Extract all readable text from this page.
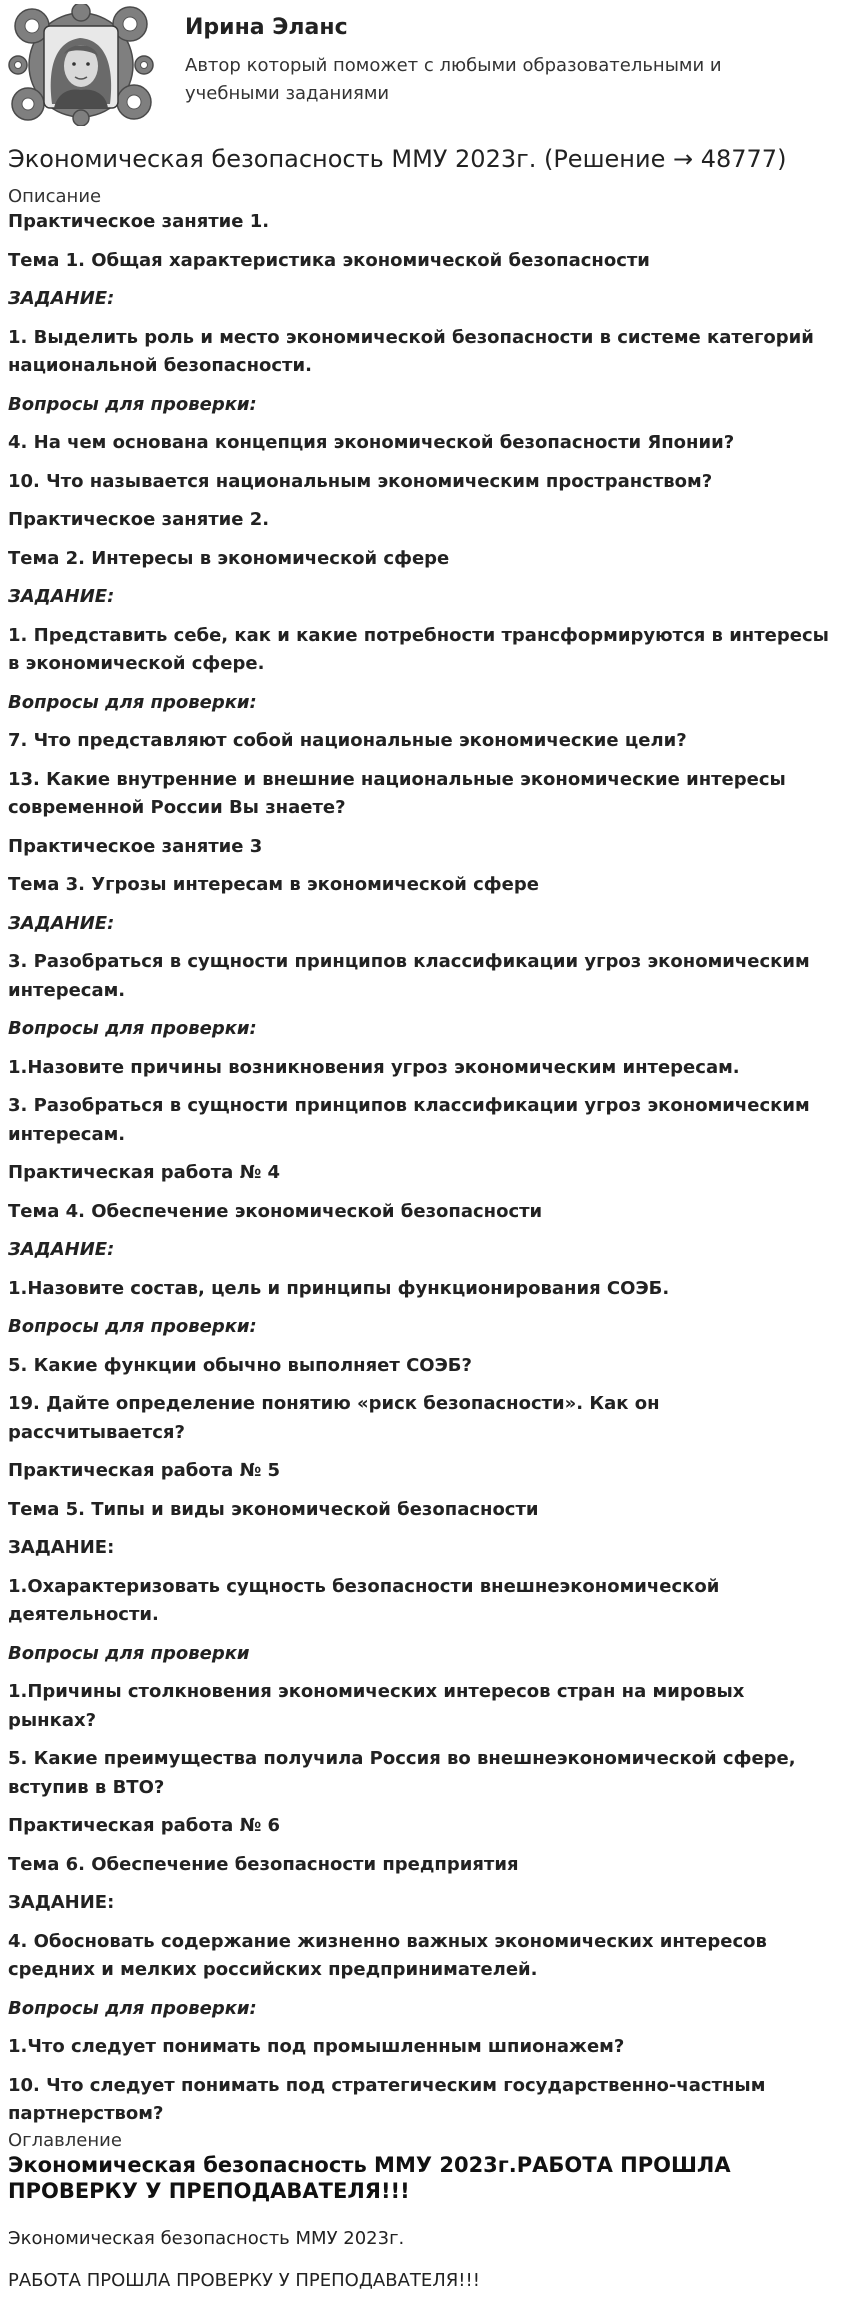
Ирина Эланс
Автор который поможет с любыми образовательными и учебными заданиями
Экономическая безопасность ММУ 2023г. (Решение → 48777)
Описание

Практическое занятие 1.

Тема 1. Общая характеристика экономической безопасности

ЗАДАНИЕ:

1. Выделить роль и место экономической безопасности в системе категорий национальной безопасности.

Вопросы для проверки:

4. На чем основана концепция экономической безопасности Японии?

10. Что называется национальным экономическим пространством?

Практическое занятие 2.

Тема 2. Интересы в экономической сфере

ЗАДАНИЕ:

1. Представить себе, как и какие потребности трансформируются в интересы в экономической сфере.

Вопросы для проверки:

7. Что представляют собой национальные экономические цели?

13. Какие внутренние и внешние национальные экономические интересы современной России Вы знаете?

Практическое занятие 3

Тема 3. Угрозы интересам в экономической сфере

ЗАДАНИЕ:

3. Разобраться в сущности принципов классификации угроз экономическим интересам.

Вопросы для проверки:

1.Назовите причины возникновения угроз экономическим интересам.

3. Разобраться в сущности принципов классификации угроз экономическим интересам.

Практическая работа № 4

Тема 4. Обеспечение экономической безопасности

ЗАДАНИЕ:

1.Назовите состав, цель и принципы функционирования СОЭБ.

Вопросы для проверки:

5. Какие функции обычно выполняет СОЭБ?

19. Дайте определение понятию «риск безопасности». Как он рассчитывается?

Практическая работа № 5

Тема 5. Типы и виды экономической безопасности

ЗАДАНИЕ:

1.Охарактеризовать сущность безопасности внешнеэкономической деятельности.

Вопросы для проверки

1.Причины столкновения экономических интересов стран на мировых рынках?

5. Какие преимущества получила Россия во внешнеэкономической сфере, вступив в ВТО?

Практическая работа № 6

Тема 6. Обеспечение безопасности предприятия

ЗАДАНИЕ:

4. Обосновать содержание жизненно важных экономических интересов средних и мелких российских предпринимателей.

Вопросы для проверки:

1.Что следует понимать под промышленным шпионажем?

10. Что следует понимать под стратегическим государственно-частным партнерством?

Оглавление
Экономическая безопасность ММУ 2023г.РАБОТА ПРОШЛА ПРОВЕРКУ У ПРЕПОДАВАТЕЛЯ!!!
Экономическая безопасность ММУ 2023г.
РАБОТА ПРОШЛА ПРОВЕРКУ У ПРЕПОДАВАТЕЛЯ!!!
